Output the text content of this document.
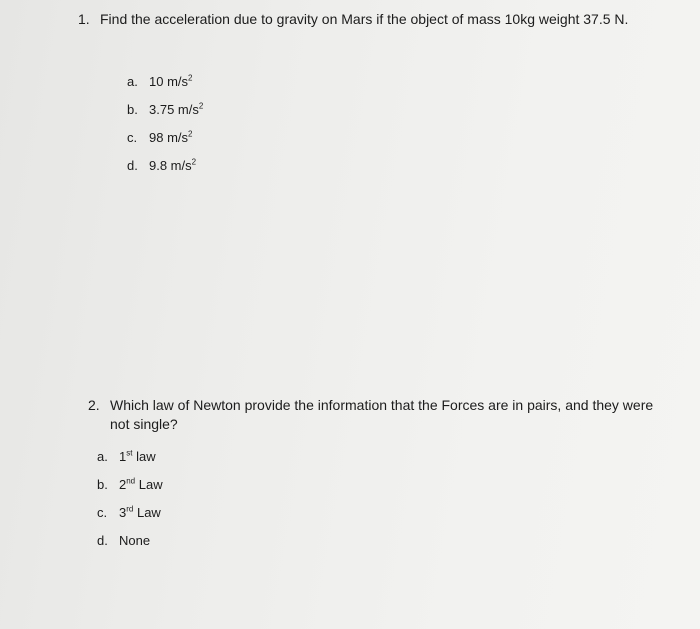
1. Find the acceleration due to gravity on Mars if the object of mass 10kg weight 37.5 N.
a. 10 $m/s^2$
b. 3.75 $m/s^2$
c. 98 $m/s^2$
d. 9.8 $m/s^2$
2. Which law of Newton provide the information that the Forces are in pairs, and they were not single?
a. 1st law
b. 2nd Law
c. 3rd Law
d. None
